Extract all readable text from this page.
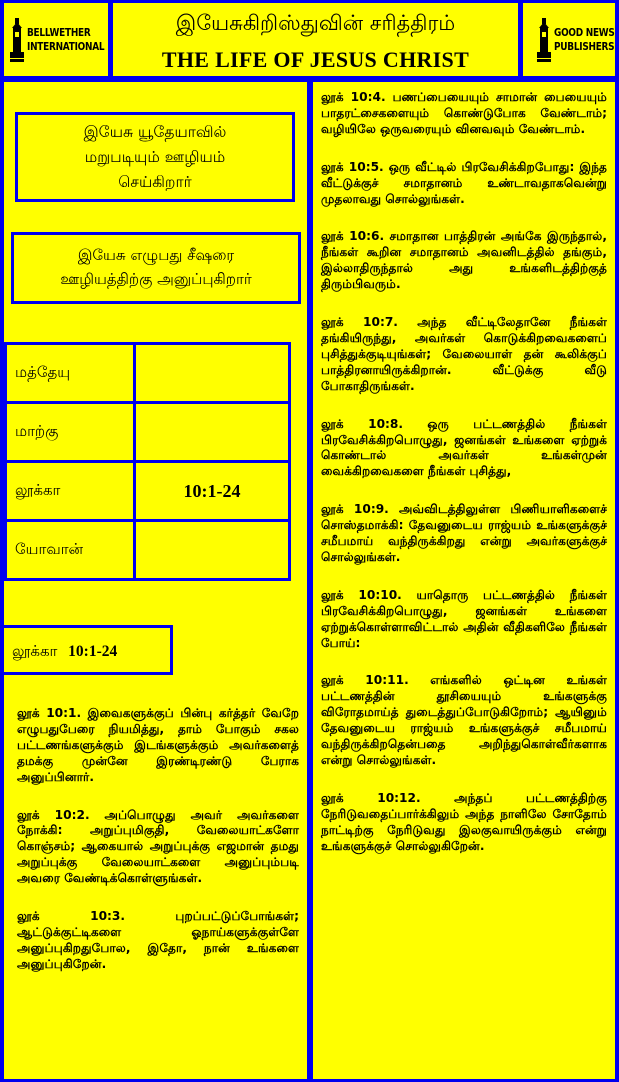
BELLWETHER
INTERNATIONAL
இயேசுகிறிஸ்துவின் சரித்திரம்
THE LIFE OF JESUS CHRIST
GOOD NEWS
PUBLISHERS
இயேசு யூதேயாவில்
மறுபடியும் ஊழியம்
செய்கிறார்
இயேசு எழுபது சீஷரை
ஊழியத்திற்கு அனுப்புகிறார்
மத்தேயு	
மாற்கு	
லூக்கா	10:1-24
யோவான்	
லூக்கா 10:1-24

லூக் 10:1. இவைகளுக்குப் பின்பு கர்த்தர் வேறே எழுபதுபேரை நியமித்து, தாம் போகும் சகல பட்டணங்களுக்கும் இடங்களுக்கும் அவர்களைத் தமக்கு முன்னே இரண்டிரண்டு பேராக அனுப்பினார்.

லூக் 10:2. அப்பொழுது அவர் அவர்களை நோக்கி: அறுப்புமிகுதி, வேலையாட்களோ கொஞ்சம்; ஆகையால் அறுப்புக்கு எஜமான் தமது அறுப்புக்கு வேலையாட்களை அனுப்பும்படி அவரை வேண்டிக்கொள்ளுங்கள்.

லூக் 10:3. புறப்பட்டுப்போங்கள்; ஆட்டுக்குட்டிகளை ஓநாய்களுக்குள்ளே அனுப்புகிறதுபோல, இதோ, நான் உங்களை அனுப்புகிறேன்.

லூக் 10:4. பணப்பையையும் சாமான் பையையும் பாதரட்சைகளையும் கொண்டுபோக வேண்டாம்; வழியிலே ஒருவரையும் வினவவும் வேண்டாம்.

லூக் 10:5. ஒரு வீட்டில் பிரவேசிக்கிறபோது: இந்த வீட்டுக்குச் சமாதானம் உண்டாவதாகவென்று முதலாவது சொல்லுங்கள்.

லூக் 10:6. சமாதான பாத்திரன் அங்கே இருந்தால், நீங்கள் கூறின சமாதானம் அவனிடத்தில் தங்கும், இல்லாதிருந்தால் அது உங்களிடத்திற்குத் திரும்பிவரும்.

லூக் 10:7. அந்த வீட்டிலேதானே நீங்கள் தங்கியிருந்து, அவர்கள் கொடுக்கிறவைகளைப் புசித்துக்குடியுங்கள்; வேலையாள் தன் கூலிக்குப் பாத்திரனாயிருக்கிறான். வீட்டுக்கு வீடு போகாதிருங்கள்.

லூக் 10:8. ஒரு பட்டணத்தில் நீங்கள் பிரவேசிக்கிறபொழுது, ஜனங்கள் உங்களை ஏற்றுக் கொண்டால் அவர்கள் உங்கள்முன் வைக்கிறவைகளை நீங்கள் புசித்து,

லூக் 10:9. அவ்விடத்திலுள்ள பிணியாளிகளைச் சொஸ்தமாக்கி: தேவனுடைய ராஜ்யம் உங்களுக்குச் சமீபமாய் வந்திருக்கிறது என்று அவர்களுக்குச் சொல்லுங்கள்.

லூக் 10:10. யாதொரு பட்டணத்தில் நீங்கள் பிரவேசிக்கிறபொழுது, ஜனங்கள் உங்களை ஏற்றுக்கொள்ளாவிட்டால் அதின் வீதிகளிலே நீங்கள் போய்:

லூக் 10:11. எங்களில் ஒட்டின உங்கள் பட்டணத்தின் தூசியையும் உங்களுக்கு விரோதமாய்த் துடைத்துப்போடுகிறோம்; ஆயினும் தேவனுடைய ராஜ்யம் உங்களுக்குச் சமீபமாய் வந்திருக்கிறதென்பதை அறிந்துகொள்வீர்களாக என்று சொல்லுங்கள்.

லூக் 10:12. அந்தப் பட்டணத்திற்கு நேரிடுவதைப்பார்க்கிலும் அந்த நாளிலே சோதோம் நாட்டிற்கு நேரிடுவது இலகுவாயிருக்கும் என்று உங்களுக்குச் சொல்லுகிறேன்.
